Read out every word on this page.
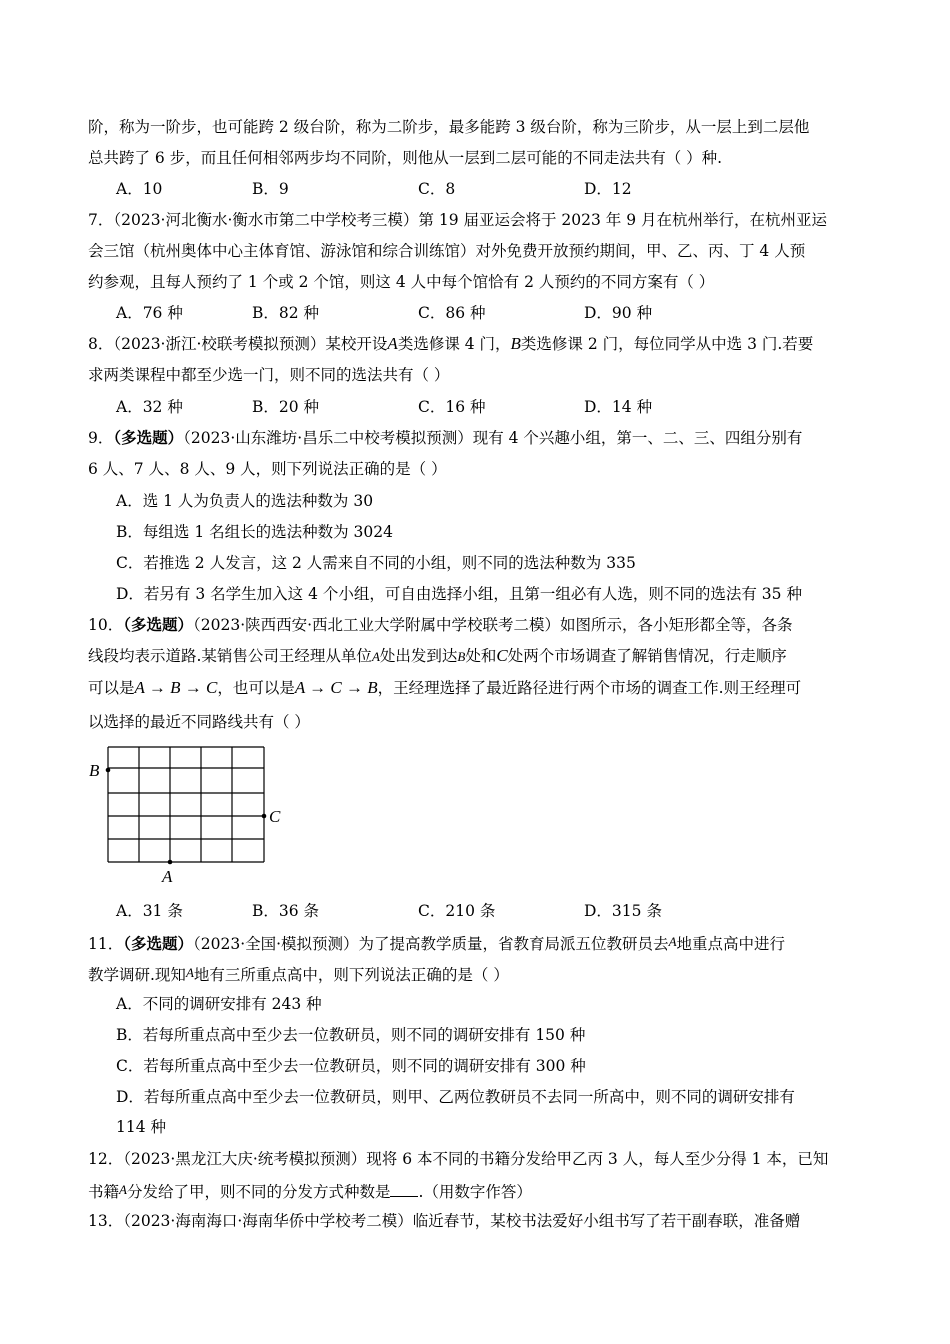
阶，称为一阶步，也可能跨 2 级台阶，称为二阶步，最多能跨 3 级台阶，称为三阶步，从一层上到二层他
总共跨了 6 步，而且任何相邻两步均不同阶，则他从一层到二层可能的不同走法共有（ ）种.
A．10	B．9	C．8	D．12
7．（2023·河北衡水·衡水市第二中学校考三模）第 19 届亚运会将于 2023 年 9 月在杭州举行，在杭州亚运
会三馆（杭州奥体中心主体育馆、游泳馆和综合训练馆）对外免费开放预约期间，甲、乙、丙、丁 4 人预
约参观，且每人预约了 1 个或 2 个馆，则这 4 人中每个馆恰有 2 人预约的不同方案有（ ）
A．76 种	B．82 种	C．86 种	D．90 种
8．（2023·浙江·校联考模拟预测）某校开设A类选修课 4 门，B类选修课 2 门，每位同学从中选 3 门.若要
求两类课程中都至少选一门，则不同的选法共有（ ）
A．32 种	B．20 种	C．16 种	D．14 种
9．（多选题）（2023·山东潍坊·昌乐二中校考模拟预测）现有 4 个兴趣小组，第一、二、三、四组分别有
6 人、7 人、8 人、9 人，则下列说法正确的是（ ）
A．选 1 人为负责人的选法种数为 30
B．每组选 1 名组长的选法种数为 3024
C．若推选 2 人发言，这 2 人需来自不同的小组，则不同的选法种数为 335
D．若另有 3 名学生加入这 4 个小组，可自由选择小组，且第一组必有人选，则不同的选法有 35 种
10．（多选题）（2023·陕西西安·西北工业大学附属中学校联考二模）如图所示，各小矩形都全等，各条
线段均表示道路.某销售公司王经理从单位A处出发到达B处和C处两个市场调查了解销售情况，行走顺序
可以是A → B → C，也可以是A → C → B，王经理选择了最近路径进行两个市场的调查工作.则王经理可
以选择的最近不同路线共有（ ）
B
C
A
A．31 条	B．36 条	C．210 条	D．315 条
11．（多选题）（2023·全国·模拟预测）为了提高教学质量，省教育局派五位教研员去A地重点高中进行
教学调研.现知A地有三所重点高中，则下列说法正确的是（ ）
A．不同的调研安排有 243 种
B．若每所重点高中至少去一位教研员，则不同的调研安排有 150 种
C．若每所重点高中至少去一位教研员，则不同的调研安排有 300 种
D．若每所重点高中至少去一位教研员，则甲、乙两位教研员不去同一所高中，则不同的调研安排有
114 种
12．（2023·黑龙江大庆·统考模拟预测）现将 6 本不同的书籍分发给甲乙丙 3 人，每人至少分得 1 本，已知
书籍A分发给了甲，则不同的分发方式种数是 .（用数字作答）
13．（2023·海南海口·海南华侨中学校考二模）临近春节，某校书法爱好小组书写了若干副春联，准备赠
